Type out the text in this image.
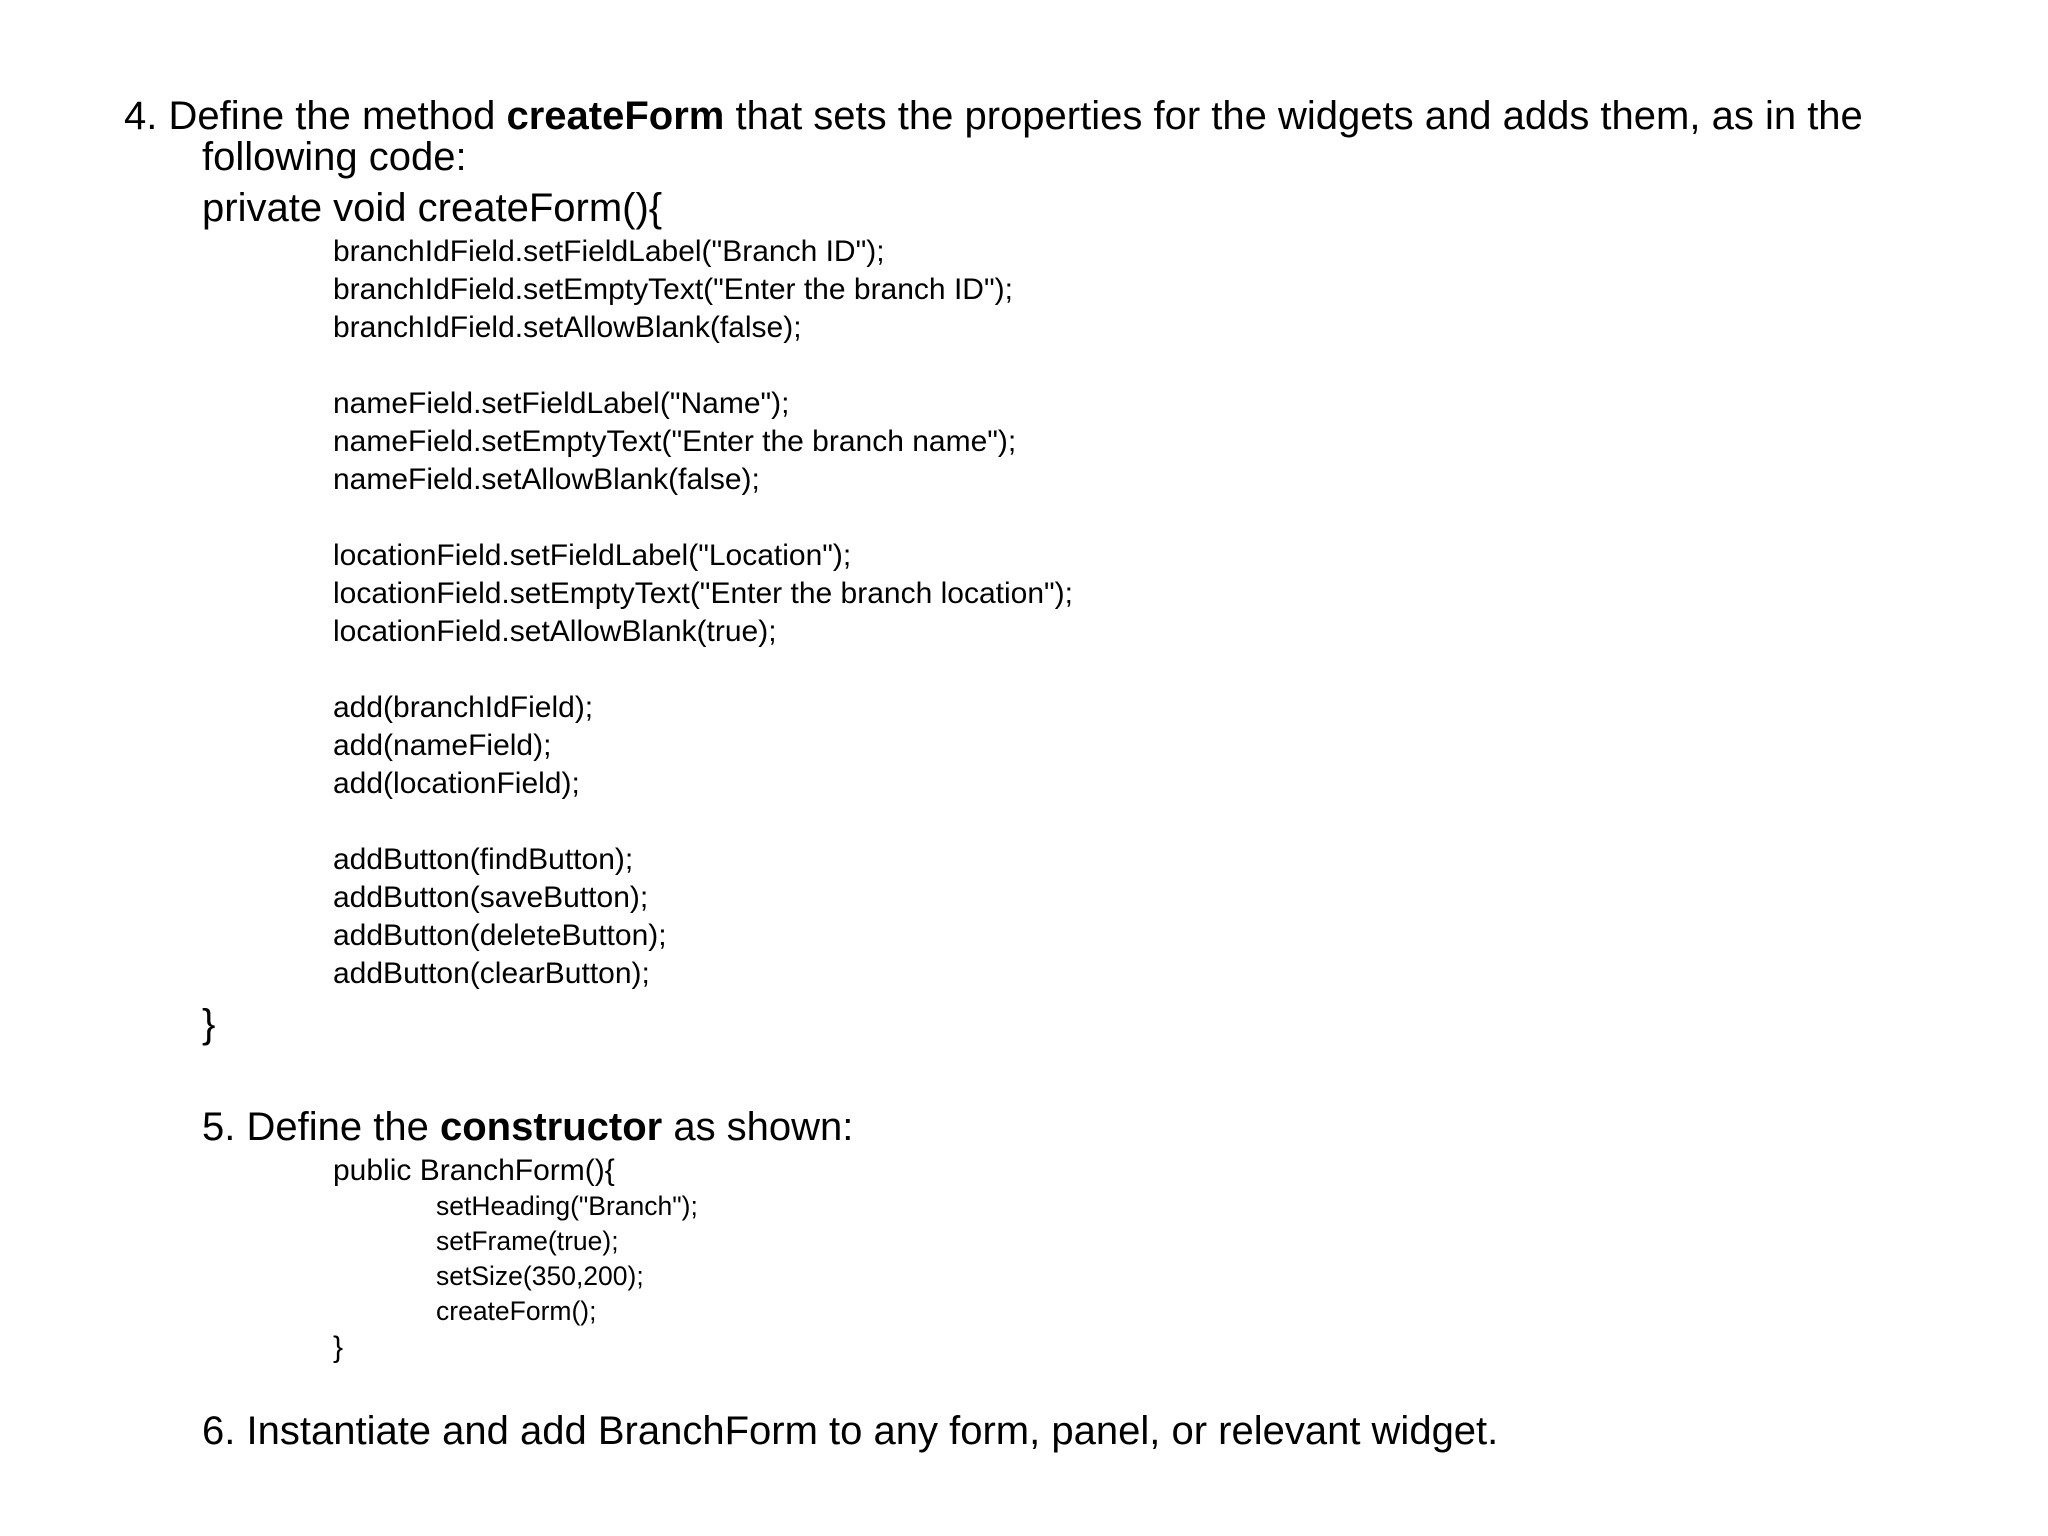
4. Define the method createForm that sets the properties for the widgets and adds them, as in the
following code:
private void createForm(){
branchIdField.setFieldLabel("Branch ID");
branchIdField.setEmptyText("Enter the branch ID");
branchIdField.setAllowBlank(false);
nameField.setFieldLabel("Name");
nameField.setEmptyText("Enter the branch name");
nameField.setAllowBlank(false);
locationField.setFieldLabel("Location");
locationField.setEmptyText("Enter the branch location");
locationField.setAllowBlank(true);
add(branchIdField);
add(nameField);
add(locationField);
addButton(findButton);
addButton(saveButton);
addButton(deleteButton);
addButton(clearButton);
}
5. Define the constructor as shown:
public BranchForm(){
setHeading("Branch");
setFrame(true);
setSize(350,200);
createForm();
}
6. Instantiate and add BranchForm to any form, panel, or relevant widget.
